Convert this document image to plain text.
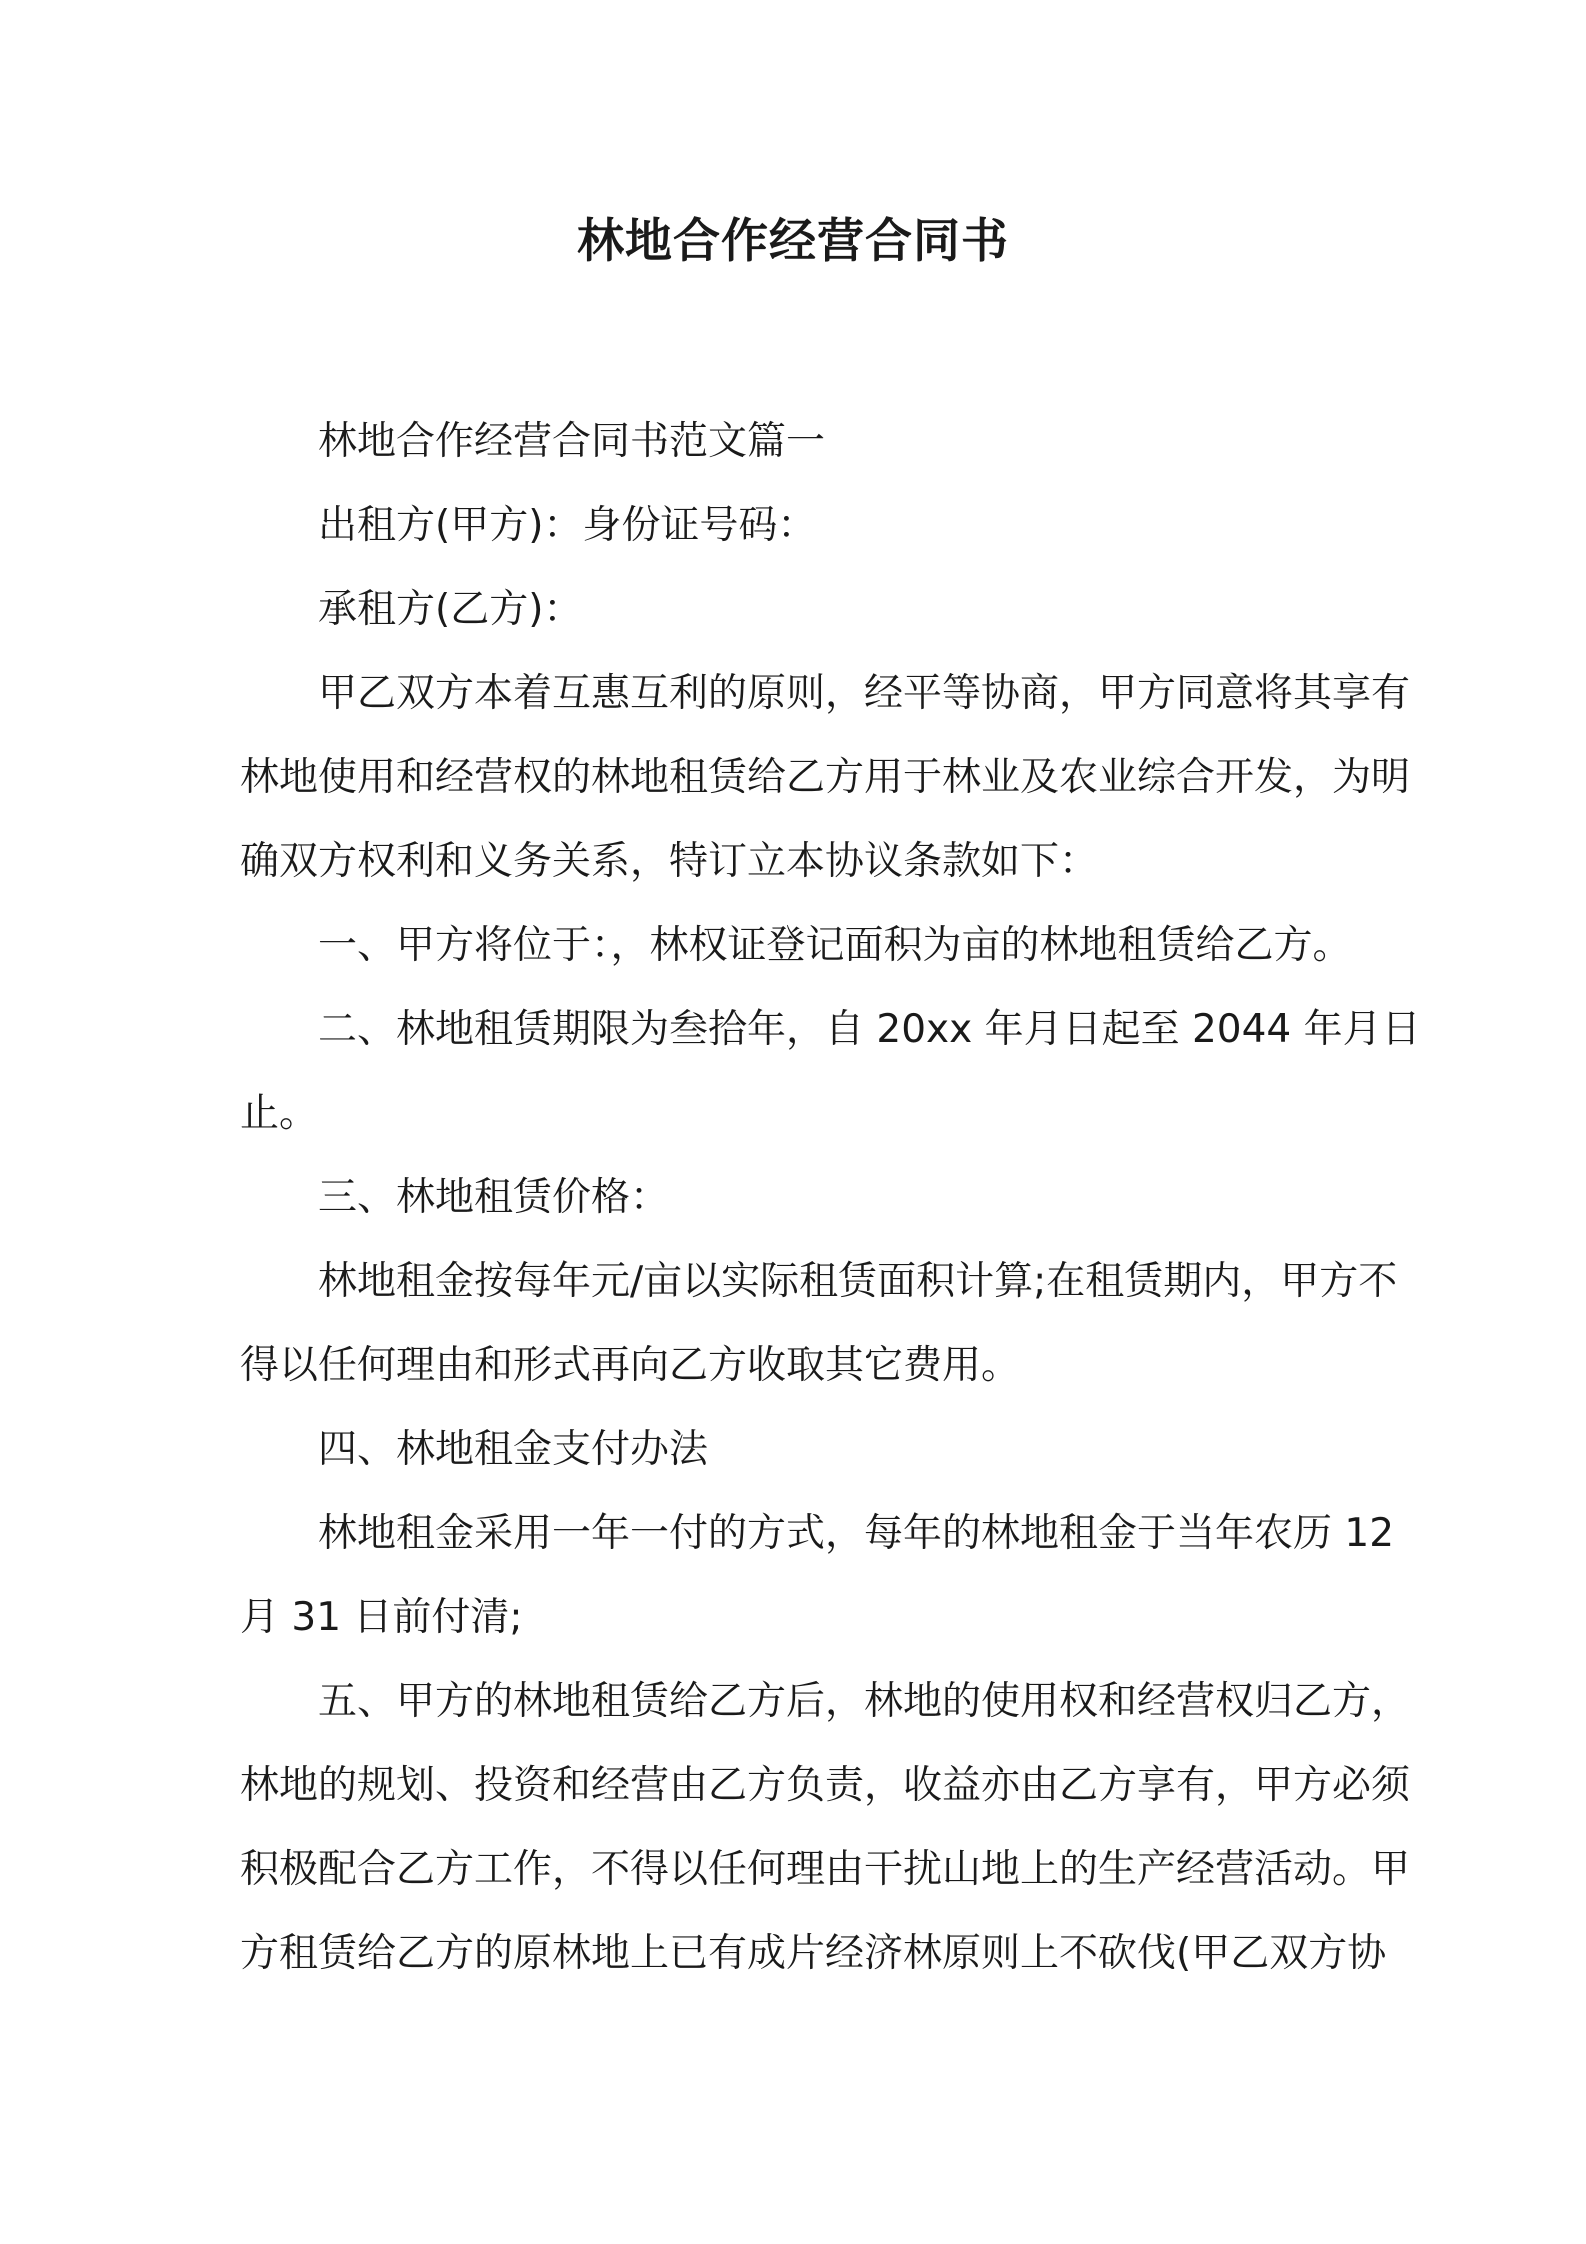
林地合作经营合同书
林地合作经营合同书范文篇一
出租方(甲方)：身份证号码：
承租方(乙方)：
甲乙双方本着互惠互利的原则，经平等协商，甲方同意将其享有
林地使用和经营权的林地租赁给乙方用于林业及农业综合开发，为明
确双方权利和义务关系，特订立本协议条款如下：
一、甲方将位于：，林权证登记面积为亩的林地租赁给乙方。
二、林地租赁期限为叁拾年，自 20xx 年月日起至 2044 年月日
止。
三、林地租赁价格：
林地租金按每年元/亩以实际租赁面积计算;在租赁期内，甲方不
得以任何理由和形式再向乙方收取其它费用。
四、林地租金支付办法
林地租金采用一年一付的方式，每年的林地租金于当年农历 12
月 31 日前付清;
五、甲方的林地租赁给乙方后，林地的使用权和经营权归乙方，
林地的规划、投资和经营由乙方负责，收益亦由乙方享有，甲方必须
积极配合乙方工作，不得以任何理由干扰山地上的生产经营活动。甲
方租赁给乙方的原林地上已有成片经济林原则上不砍伐(甲乙双方协
